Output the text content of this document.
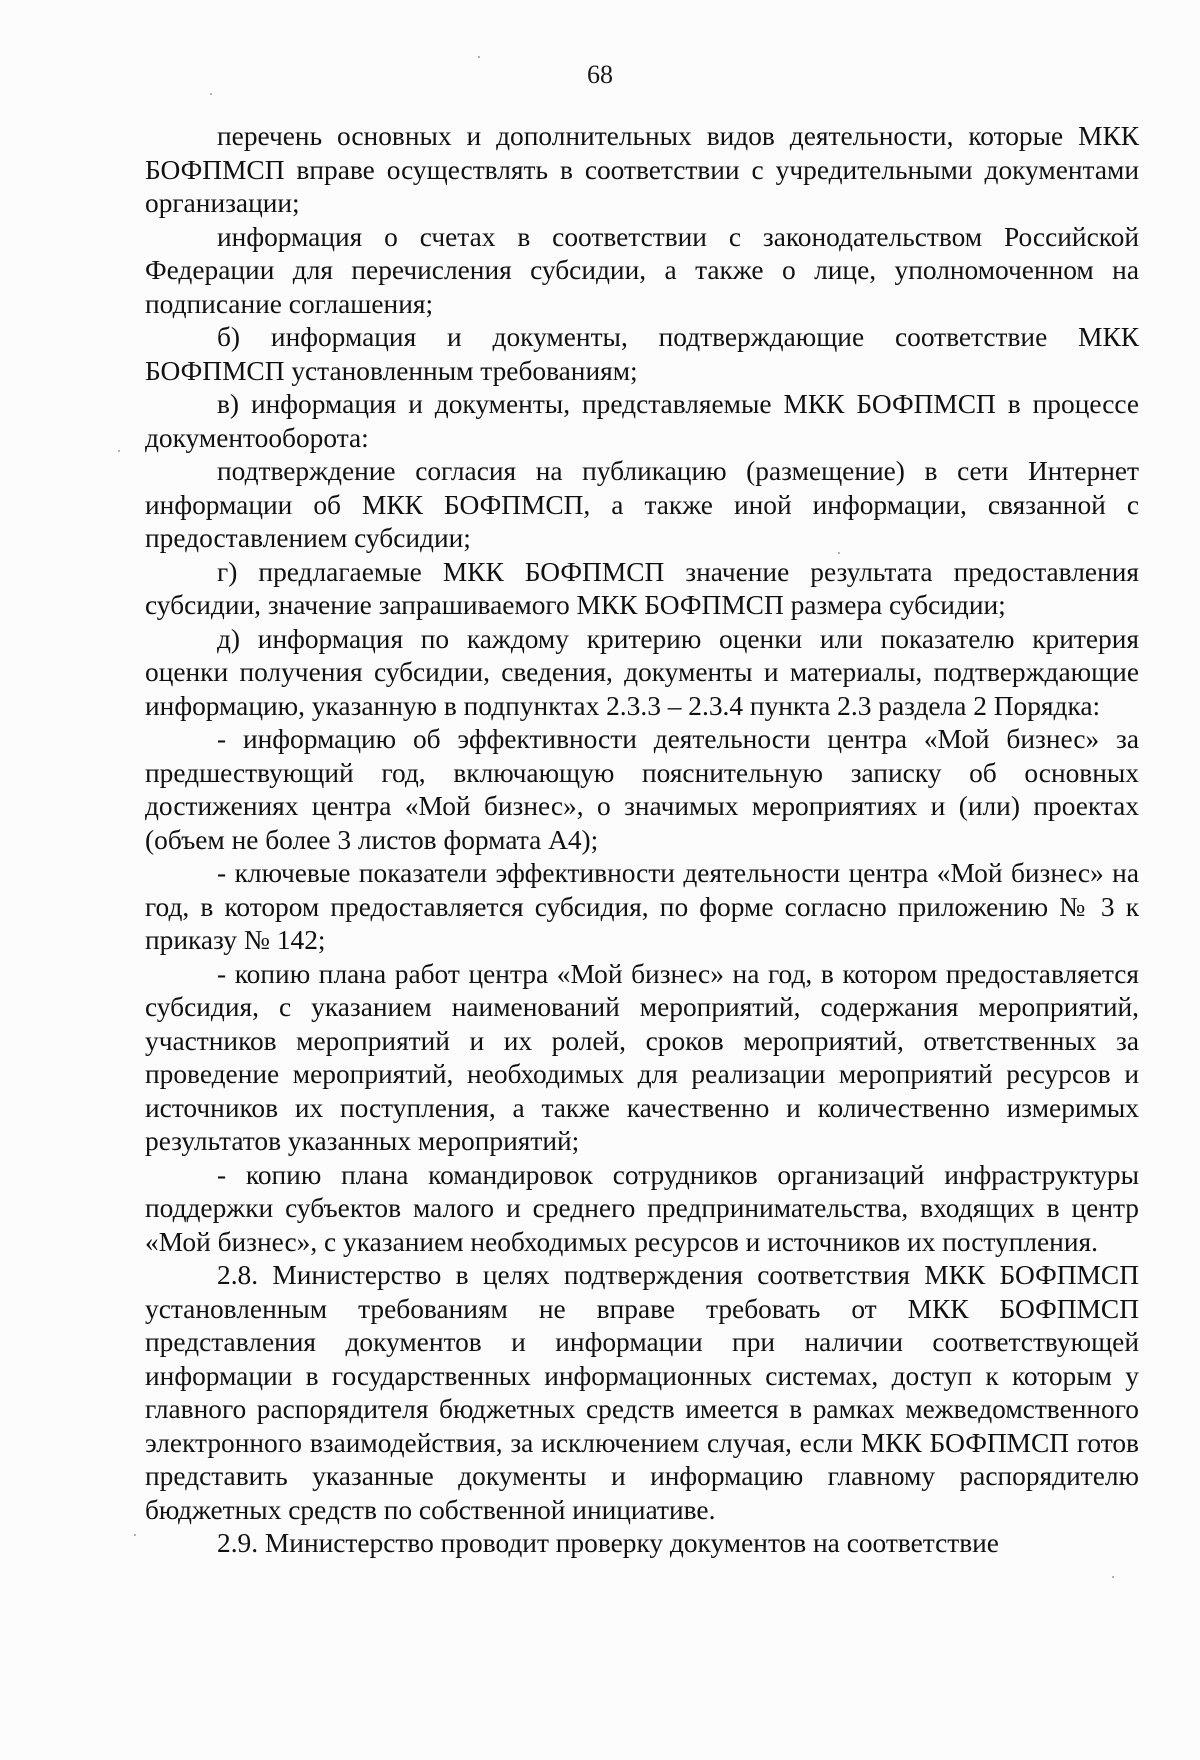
68

перечень основных и дополнительных видов деятельности, которые МКК БОФПМСП вправе осуществлять в соответствии с учредительными документами организации;

информация о счетах в соответствии с законодательством Российской Федерации для перечисления субсидии, а также о лице, уполномоченном на подписание соглашения;

б) информация и документы, подтверждающие соответствие МКК БОФПМСП установленным требованиям;

в) информация и документы, представляемые МКК БОФПМСП в процессе документооборота:

подтверждение согласия на публикацию (размещение) в сети Интернет информации об МКК БОФПМСП, а также иной информации, связанной с предоставлением субсидии;

г) предлагаемые МКК БОФПМСП значение результата предоставления субсидии, значение запрашиваемого МКК БОФПМСП размера субсидии;

д) информация по каждому критерию оценки или показателю критерия оценки получения субсидии, сведения, документы и материалы, подтверждающие информацию, указанную в подпунктах 2.3.3 – 2.3.4 пункта 2.3 раздела 2 Порядка:

- информацию об эффективности деятельности центра «Мой бизнес» за предшествующий год, включающую пояснительную записку об основных достижениях центра «Мой бизнес», о значимых мероприятиях и (или) проектах (объем не более 3 листов формата А4);

- ключевые показатели эффективности деятельности центра «Мой бизнес» на год, в котором предоставляется субсидия, по форме согласно приложению № 3 к приказу № 142;

- копию плана работ центра «Мой бизнес» на год, в котором предоставляется субсидия, с указанием наименований мероприятий, содержания мероприятий, участников мероприятий и их ролей, сроков мероприятий, ответственных за проведение мероприятий, необходимых для реализации мероприятий ресурсов и источников их поступления, а также качественно и количественно измеримых результатов указанных мероприятий;

- копию плана командировок сотрудников организаций инфраструктуры поддержки субъектов малого и среднего предпринимательства, входящих в центр «Мой бизнес», с указанием необходимых ресурсов и источников их поступления.

2.8. Министерство в целях подтверждения соответствия МКК БОФПМСП установленным требованиям не вправе требовать от МКК БОФПМСП представления документов и информации при наличии соответствующей информации в государственных информационных системах, доступ к которым у главного распорядителя бюджетных средств имеется в рамках межведомственного электронного взаимодействия, за исключением случая, если МКК БОФПМСП готов представить указанные документы и информацию главному распорядителю бюджетных средств по собственной инициативе.

2.9. Министерство проводит проверку документов на соответствие
